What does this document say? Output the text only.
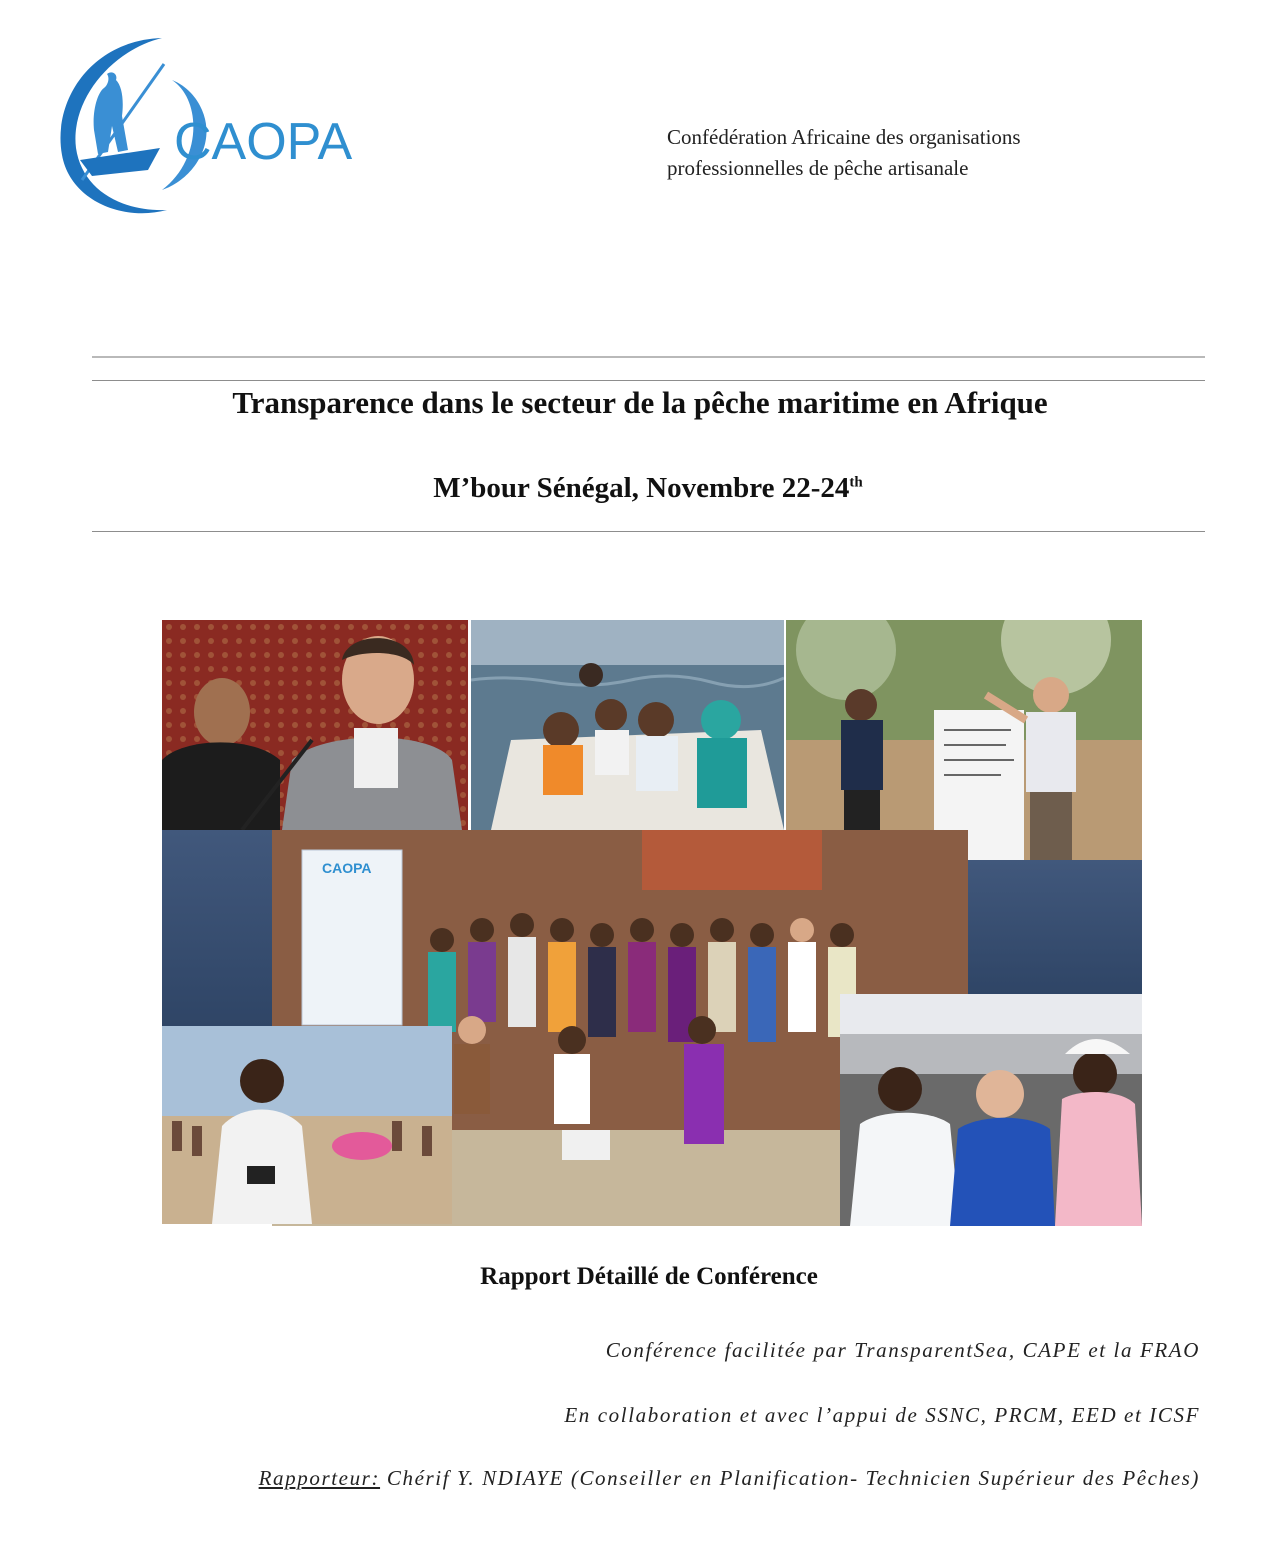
CAOPA	Confédération Africaine des organisations
professionnelles de pêche artisanale
Transparence dans le secteur de la pêche maritime en Afrique
M’bour Sénégal, Novembre 22-24th
CAOPA
Rapport Détaillé de Conférence
Conférence facilitée par TransparentSea, CAPE et la FRAO
En collaboration et avec l’appui de SSNC, PRCM, EED et ICSF
Rapporteur: Chérif Y. NDIAYE (Conseiller en Planification- Technicien Supérieur des Pêches)
